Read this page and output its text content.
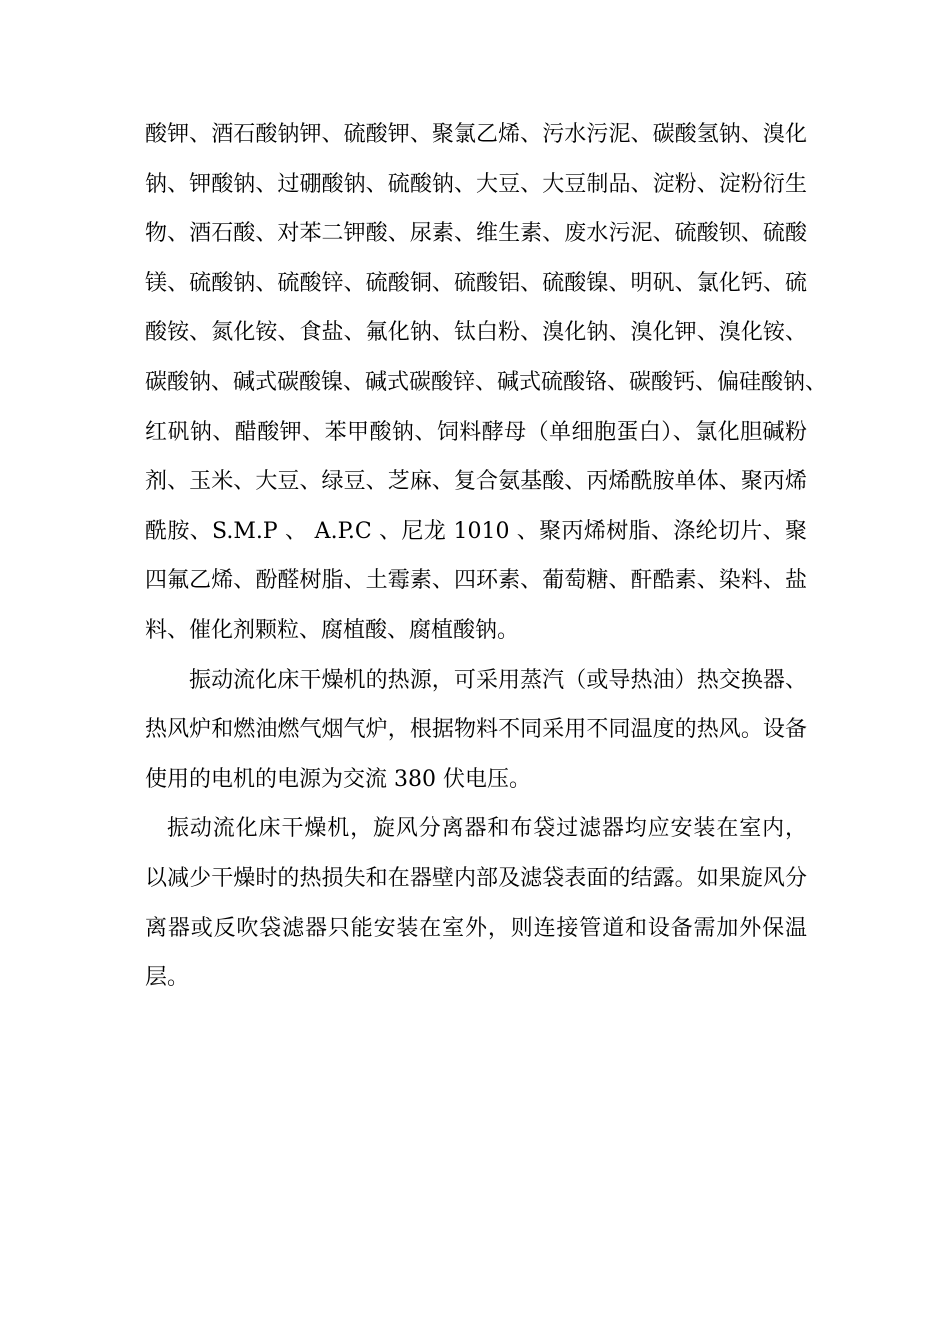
酸钾、酒石酸钠钾、硫酸钾、聚氯乙烯、污水污泥、碳酸氢钠、溴化
钠、钾酸钠、过硼酸钠、硫酸钠、大豆、大豆制品、淀粉、淀粉衍生
物、酒石酸、对苯二钾酸、尿素、维生素、废水污泥、硫酸钡、硫酸
镁、硫酸钠、硫酸锌、硫酸铜、硫酸铝、硫酸镍、明矾、氯化钙、硫
酸铵、氮化铵、食盐、氟化钠、钛白粉、溴化钠、溴化钾、溴化铵、
碳酸钠、碱式碳酸镍、碱式碳酸锌、碱式硫酸铬、碳酸钙、偏硅酸钠、
红矾钠、醋酸钾、苯甲酸钠、饲料酵母（单细胞蛋白）、氯化胆碱粉
剂、玉米、大豆、绿豆、芝麻、复合氨基酸、丙烯酰胺单体、聚丙烯
酰胺、S.M.P 、 A.P.C 、尼龙 1010 、聚丙烯树脂、涤纶切片、聚
四氟乙烯、酚醛树脂、土霉素、四环素、葡萄糖、酐酷素、染料、盐
料、催化剂颗粒、腐植酸、腐植酸钠。
振动流化床干燥机的热源，可采用蒸汽（或导热油）热交换器、
热风炉和燃油燃气烟气炉，根据物料不同采用不同温度的热风。设备
使用的电机的电源为交流 380 伏电压。
振动流化床干燥机，旋风分离器和布袋过滤器均应安装在室内，
以减少干燥时的热损失和在器壁内部及滤袋表面的结露。如果旋风分
离器或反吹袋滤器只能安装在室外，则连接管道和设备需加外保温
层。
